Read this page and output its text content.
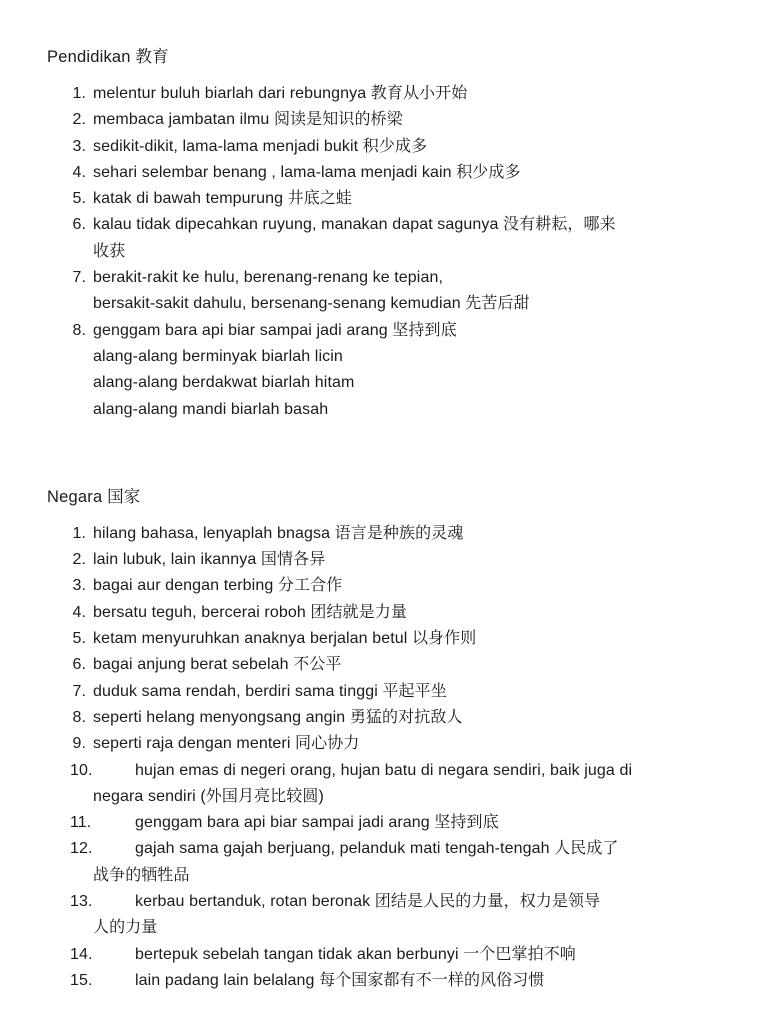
Pendidikan 教育
1. melentur buluh biarlah dari rebungnya 教育从小开始
2. membaca jambatan ilmu 阅读是知识的桥梁
3. sedikit-dikit, lama-lama menjadi bukit 积少成多
4. sehari selembar benang , lama-lama menjadi kain 积少成多
5. katak di bawah tempurung 井底之蛙
6. kalau tidak dipecahkan ruyung, manakan dapat sagunya 没有耕耘，哪来
收获
7. berakit-rakit ke hulu, berenang-renang ke tepian,
bersakit-sakit dahulu, bersenang-senang kemudian 先苦后甜
8. genggam bara api biar sampai jadi arang 坚持到底
alang-alang berminyak biarlah licin
alang-alang berdakwat biarlah hitam
alang-alang mandi biarlah basah
Negara 国家
1. hilang bahasa, lenyaplah bnagsa 语言是种族的灵魂
2. lain lubuk, lain ikannya 国情各异
3. bagai aur dengan terbing 分工合作
4. bersatu teguh, bercerai roboh 团结就是力量
5. ketam menyuruhkan anaknya berjalan betul 以身作则
6. bagai anjung berat sebelah 不公平
7. duduk sama rendah, berdiri sama tinggi 平起平坐
8. seperti helang menyongsang angin 勇猛的对抗敌人
9. seperti raja dengan menteri 同心协力
10.	hujan emas di negeri orang, hujan batu di negara sendiri, baik juga di
negara sendiri (外国月亮比较圆)
11.	genggam bara api biar sampai jadi arang 坚持到底
12.	gajah sama gajah berjuang, pelanduk mati tengah-tengah 人民成了
战争的牺牲品
13.	kerbau bertanduk, rotan beronak 团结是人民的力量，权力是领导
人的力量
14.	bertepuk sebelah tangan tidak akan berbunyi 一个巴掌拍不响
15.	lain padang lain belalang 每个国家都有不一样的风俗习惯
